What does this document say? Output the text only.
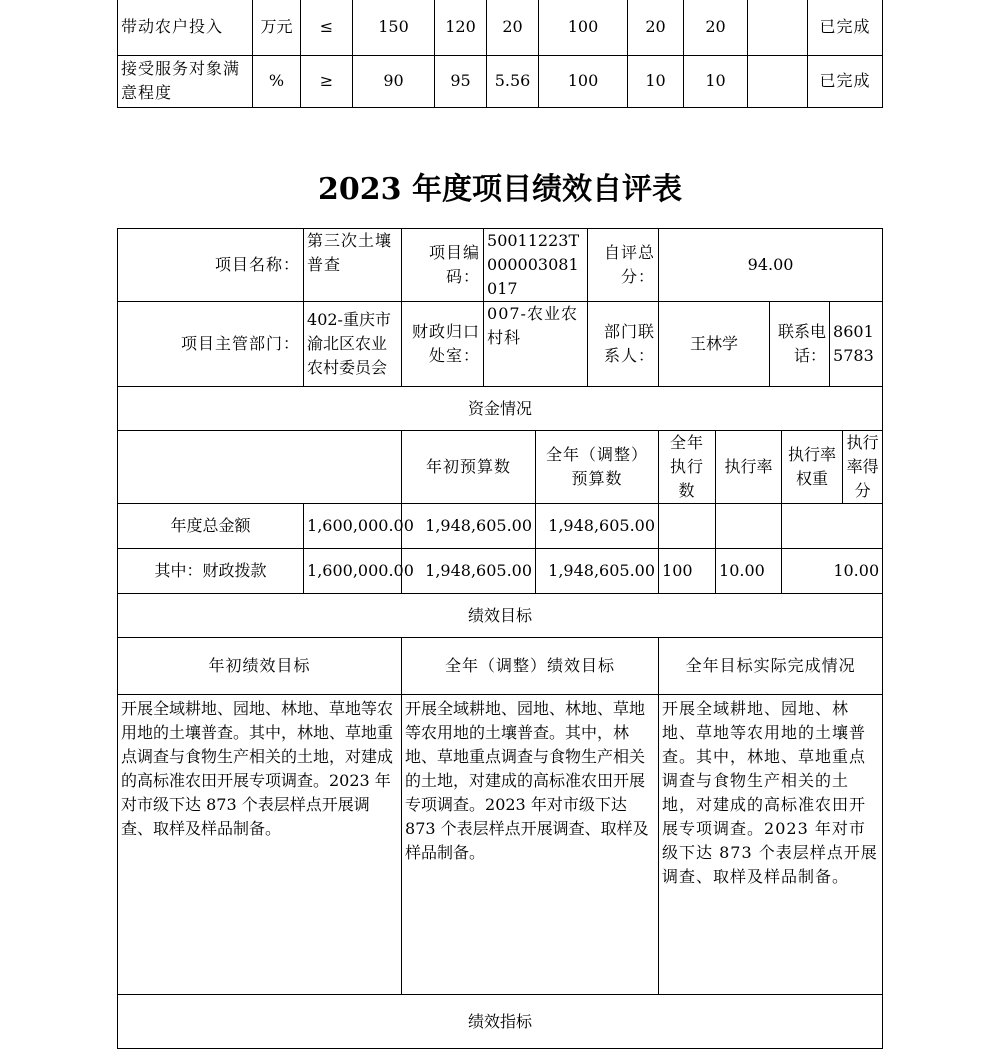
带动农户投入	万元	≤	150	120	20	100	20	20		已完成
接受服务对象满意程度	%	≥	90	95	5.56	100	10	10		已完成
2023 年度项目绩效自评表
项目名称：	第三次土壤普查	项目编码：	50011223T000003081017		自评总分：	94.00					
项目主管部门：	402-重庆市渝北区农业农村委员会	财政归口处室：	007-农业农村科		部门联系人：	王林学		联系电话：		86015783	
资金情况											
		年初预算数		全年（调整）预算数		全年执行数	执行率		执行率权重		执行率得分
年度总金额	1,600,000.00	1,948,605.00		1,948,605.00							
其中：财政拨款	1,600,000.00	1,948,605.00		1,948,605.00		100	10.00		10.00		
绩效目标											
年初绩效目标		全年（调整）绩效目标				全年目标实际完成情况					
开展全域耕地、园地、林地、草地等农用地的土壤普查。其中，林地、草地重点调查与食物生产相关的土地，对建成的高标准农田开展专项调查。2023 年对市级下达 873 个表层样点开展调查、取样及样品制备。		开展全域耕地、园地、林地、草地等农用地的土壤普查。其中，林地、草地重点调查与食物生产相关的土地，对建成的高标准农田开展专项调查。2023 年对市级下达 873 个表层样点开展调查、取样及样品制备。				开展全域耕地、园地、林地、草地等农用地的土壤普查。其中，林地、草地重点调查与食物生产相关的土地，对建成的高标准农田开展专项调查。2023 年对市级下达 873 个表层样点开展调查、取样及样品制备。					
绩效指标											
